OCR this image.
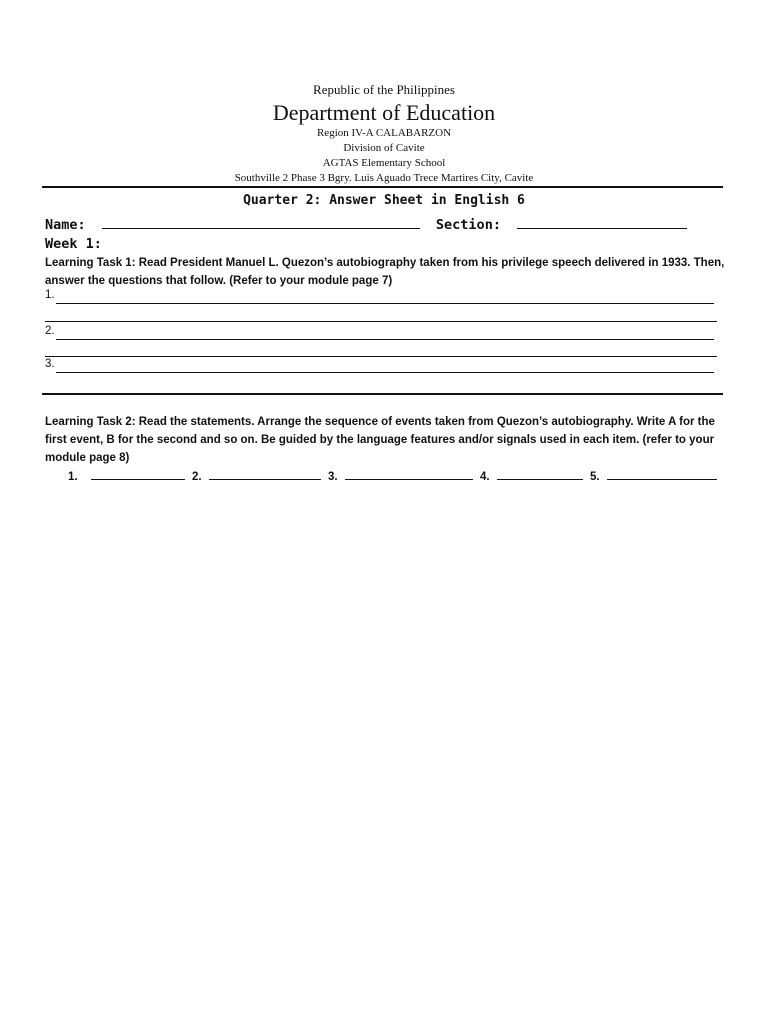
Republic of the Philippines
Department of Education
Region IV-A CALABARZON
Division of Cavite
AGTAS Elementary School
Southville 2 Phase 3 Bgry. Luis Aguado Trece Martires City, Cavite
Quarter 2: Answer Sheet in English 6
Name:	Section:
Week 1:
Learning Task 1: Read President Manuel L. Quezon’s autobiography taken from his privilege speech delivered in 1933. Then, answer the questions that follow. (Refer to your module page 7)
1.
2.
3.
Learning Task 2: Read the statements. Arrange the sequence of events taken from Quezon’s autobiography. Write A for the first event, B for the second and so on. Be guided by the language features and/or signals used in each item. (refer to your module page 8)
1.	2.	3.	4.	5.
